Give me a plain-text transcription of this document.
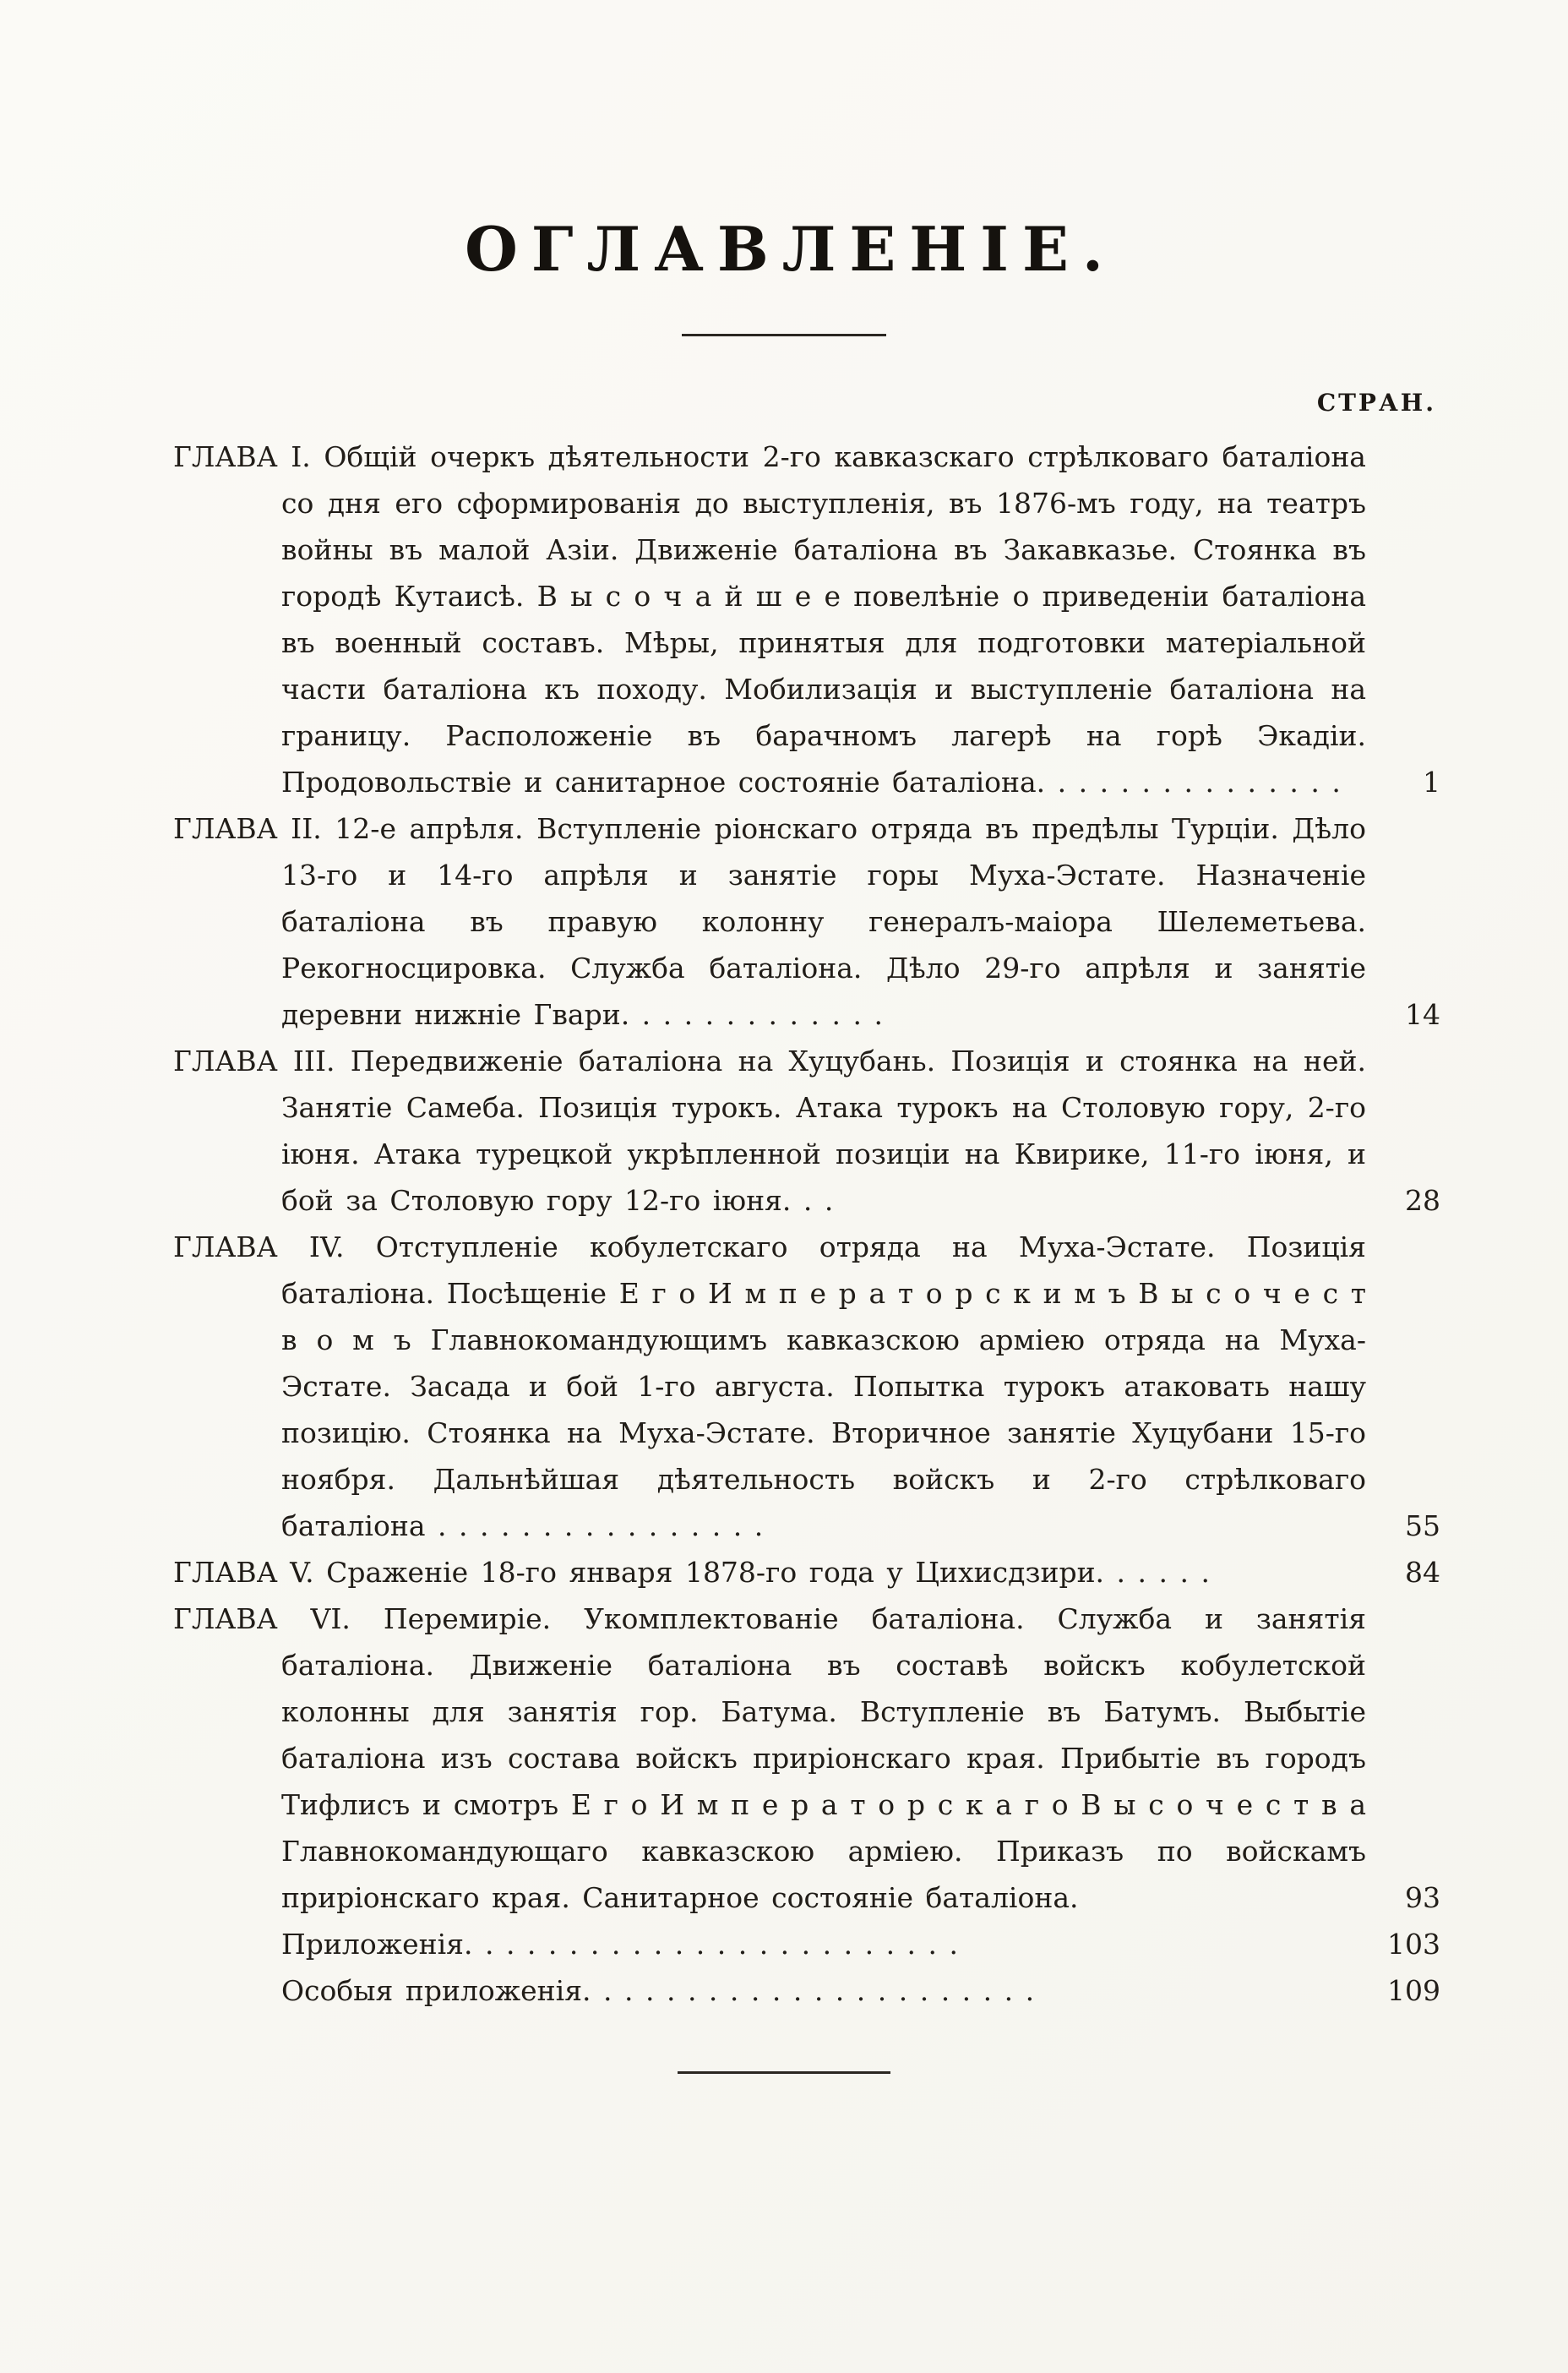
ОГЛАВЛЕНІЕ.
СТРАН.
ГЛАВА I. Общій очеркъ дѣятельности 2-го кавказскаго стрѣлковаго баталіона со дня его сформированія до выступленія, въ 1876-мъ году, на театръ войны въ малой Азіи. Движеніе баталіона въ Закавказье. Стоянка въ городѣ Кутаисѣ. В ы с о ч а й ш е е повелѣніе о приведеніи баталіона въ военный составъ. Мѣры, принятыя для подготовки матеріальной части баталіона къ походу. Мобилизація и выступленіе баталіона на границу. Расположеніе въ барачномъ лагерѣ на горѣ Экадіи. Продовольствіе и санитарное состояніе баталіона. . . . . . . . . . . . . . .	1
ГЛАВА II. 12-е апрѣля. Вступленіе ріонскаго отряда въ предѣлы Турціи. Дѣло 13-го и 14-го апрѣля и занятіе горы Муха-Эстате. Назначеніе баталіона въ правую колонну генералъ-маіора Шелеметьева. Рекогносцировка. Служба баталіона. Дѣло 29-го апрѣля и занятіе деревни нижніе Гвари. . . . . . . . . . . . .	14
ГЛАВА III. Передвиженіе баталіона на Хуцубань. Позиція и стоянка на ней. Занятіе Самеба. Позиція турокъ. Атака турокъ на Столовую гору, 2-го іюня. Атака турецкой укрѣпленной позиціи на Квирике, 11-го іюня, и бой за Столовую гору 12-го іюня. . .	28
ГЛАВА IV. Отступленіе кобулетскаго отряда на Муха-Эстате. Позиція баталіона. Посѣщеніе Е г о И м п е р а т о р с к и м ъ В ы с о ч е с т в о м ъ Главнокомандующимъ кавказскою арміею отряда на Муха-Эстате. Засада и бой 1-го августа. Попытка турокъ атаковать нашу позицію. Стоянка на Муха-Эстате. Вторичное занятіе Хуцубани 15-го ноября. Дальнѣйшая дѣятельность войскъ и 2-го стрѣлковаго баталіона . . . . . . . . . . . . . . . .	55
ГЛАВА V. Сраженіе 18-го января 1878-го года у Цихисдзири. . . . . .	84
ГЛАВА VI. Перемиріе. Укомплектованіе баталіона. Служба и занятія баталіона. Движеніе баталіона въ составѣ войскъ кобулетской колонны для занятія гор. Батума. Вступленіе въ Батумъ. Выбытіе баталіона изъ состава войскъ приріонскаго края. Прибытіе въ городъ Тифлисъ и смотръ Е г о И м п е р а т о р с к а г о В ы с о ч е с т в а Главнокомандующаго кавказскою арміею. Приказъ по войскамъ приріонскаго края. Санитарное состояніе баталіона.	93
Приложенія. . . . . . . . . . . . . . . . . . . . . . . .	103
Особыя приложенія. . . . . . . . . . . . . . . . . . . . . .	109
